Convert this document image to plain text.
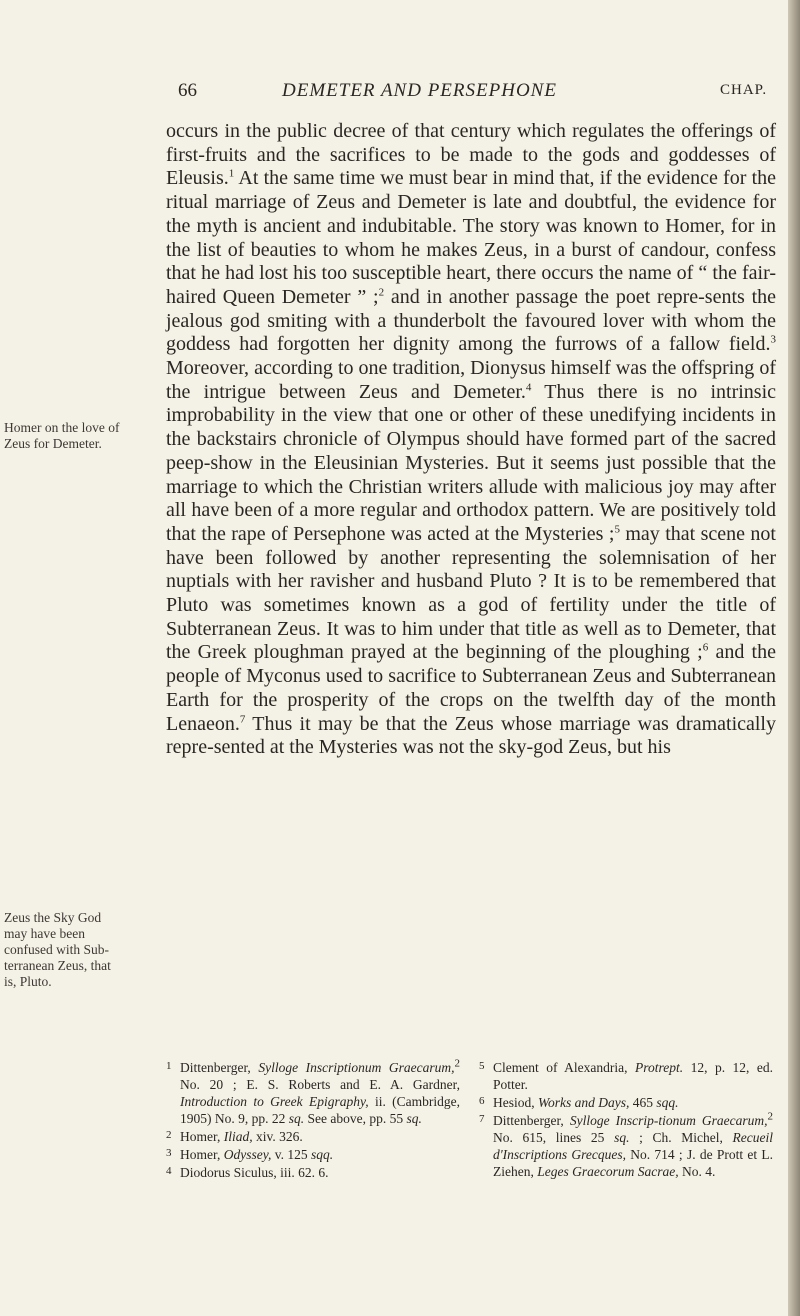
66	DEMETER AND PERSEPHONE	CHAP.
Homer on the love of Zeus for Demeter.
Zeus the Sky God may have been confused with Sub-terranean Zeus, that is, Pluto.

occurs in the public decree of that century which regulates the offerings of first-fruits and the sacrifices to be made to the gods and goddesses of Eleusis.$^1$ At the same time we must bear in mind that, if the evidence for the ritual marriage of Zeus and Demeter is late and doubtful, the evidence for the myth is ancient and indubitable. The story was known to Homer, for in the list of beauties to whom he makes Zeus, in a burst of candour, confess that he had lost his too susceptible heart, there occurs the name of “ the fair-haired Queen Demeter ” ;$^2$ and in another passage the poet repre-sents the jealous god smiting with a thunderbolt the favoured lover with whom the goddess had forgotten her dignity among the furrows of a fallow field.$^3$ Moreover, according to one tradition, Dionysus himself was the offspring of the intrigue between Zeus and Demeter.$^4$ Thus there is no intrinsic improbability in the view that one or other of these unedifying incidents in the backstairs chronicle of Olympus should have formed part of the sacred peep-show in the Eleusinian Mysteries. But it seems just possible that the marriage to which the Christian writers allude with malicious joy may after all have been of a more regular and orthodox pattern. We are positively told that the rape of Persephone was acted at the Mysteries ;$^5$ may that scene not have been followed by another representing the solemnisation of her nuptials with her ravisher and husband Pluto ? It is to be remembered that Pluto was sometimes known as a god of fertility under the title of Subterranean Zeus. It was to him under that title as well as to Demeter, that the Greek ploughman prayed at the beginning of the ploughing ;$^6$ and the people of Myconus used to sacrifice to Subterranean Zeus and Subterranean Earth for the prosperity of the crops on the twelfth day of the month Lenaeon.$^7$ Thus it may be that the Zeus whose marriage was dramatically repre-sented at the Mysteries was not the sky-god Zeus, but his

1 Dittenberger, Sylloge Inscriptionum Graecarum,$^2$ No. 20 ; E. S. Roberts and E. A. Gardner, Introduction to Greek Epigraphy, ii. (Cambridge, 1905) No. 9, pp. 22 sq. See above, pp. 55 sq.

2 Homer, Iliad, xiv. 326.

3 Homer, Odyssey, v. 125 sqq.

4 Diodorus Siculus, iii. 62. 6.

5 Clement of Alexandria, Protrept. 12, p. 12, ed. Potter.

6 Hesiod, Works and Days, 465 sqq.

7 Dittenberger, Sylloge Inscrip-tionum Graecarum,$^2$ No. 615, lines 25 sq. ; Ch. Michel, Recueil d'Inscriptions Grecques, No. 714 ; J. de Prott et L. Ziehen, Leges Graecorum Sacrae, No. 4.
